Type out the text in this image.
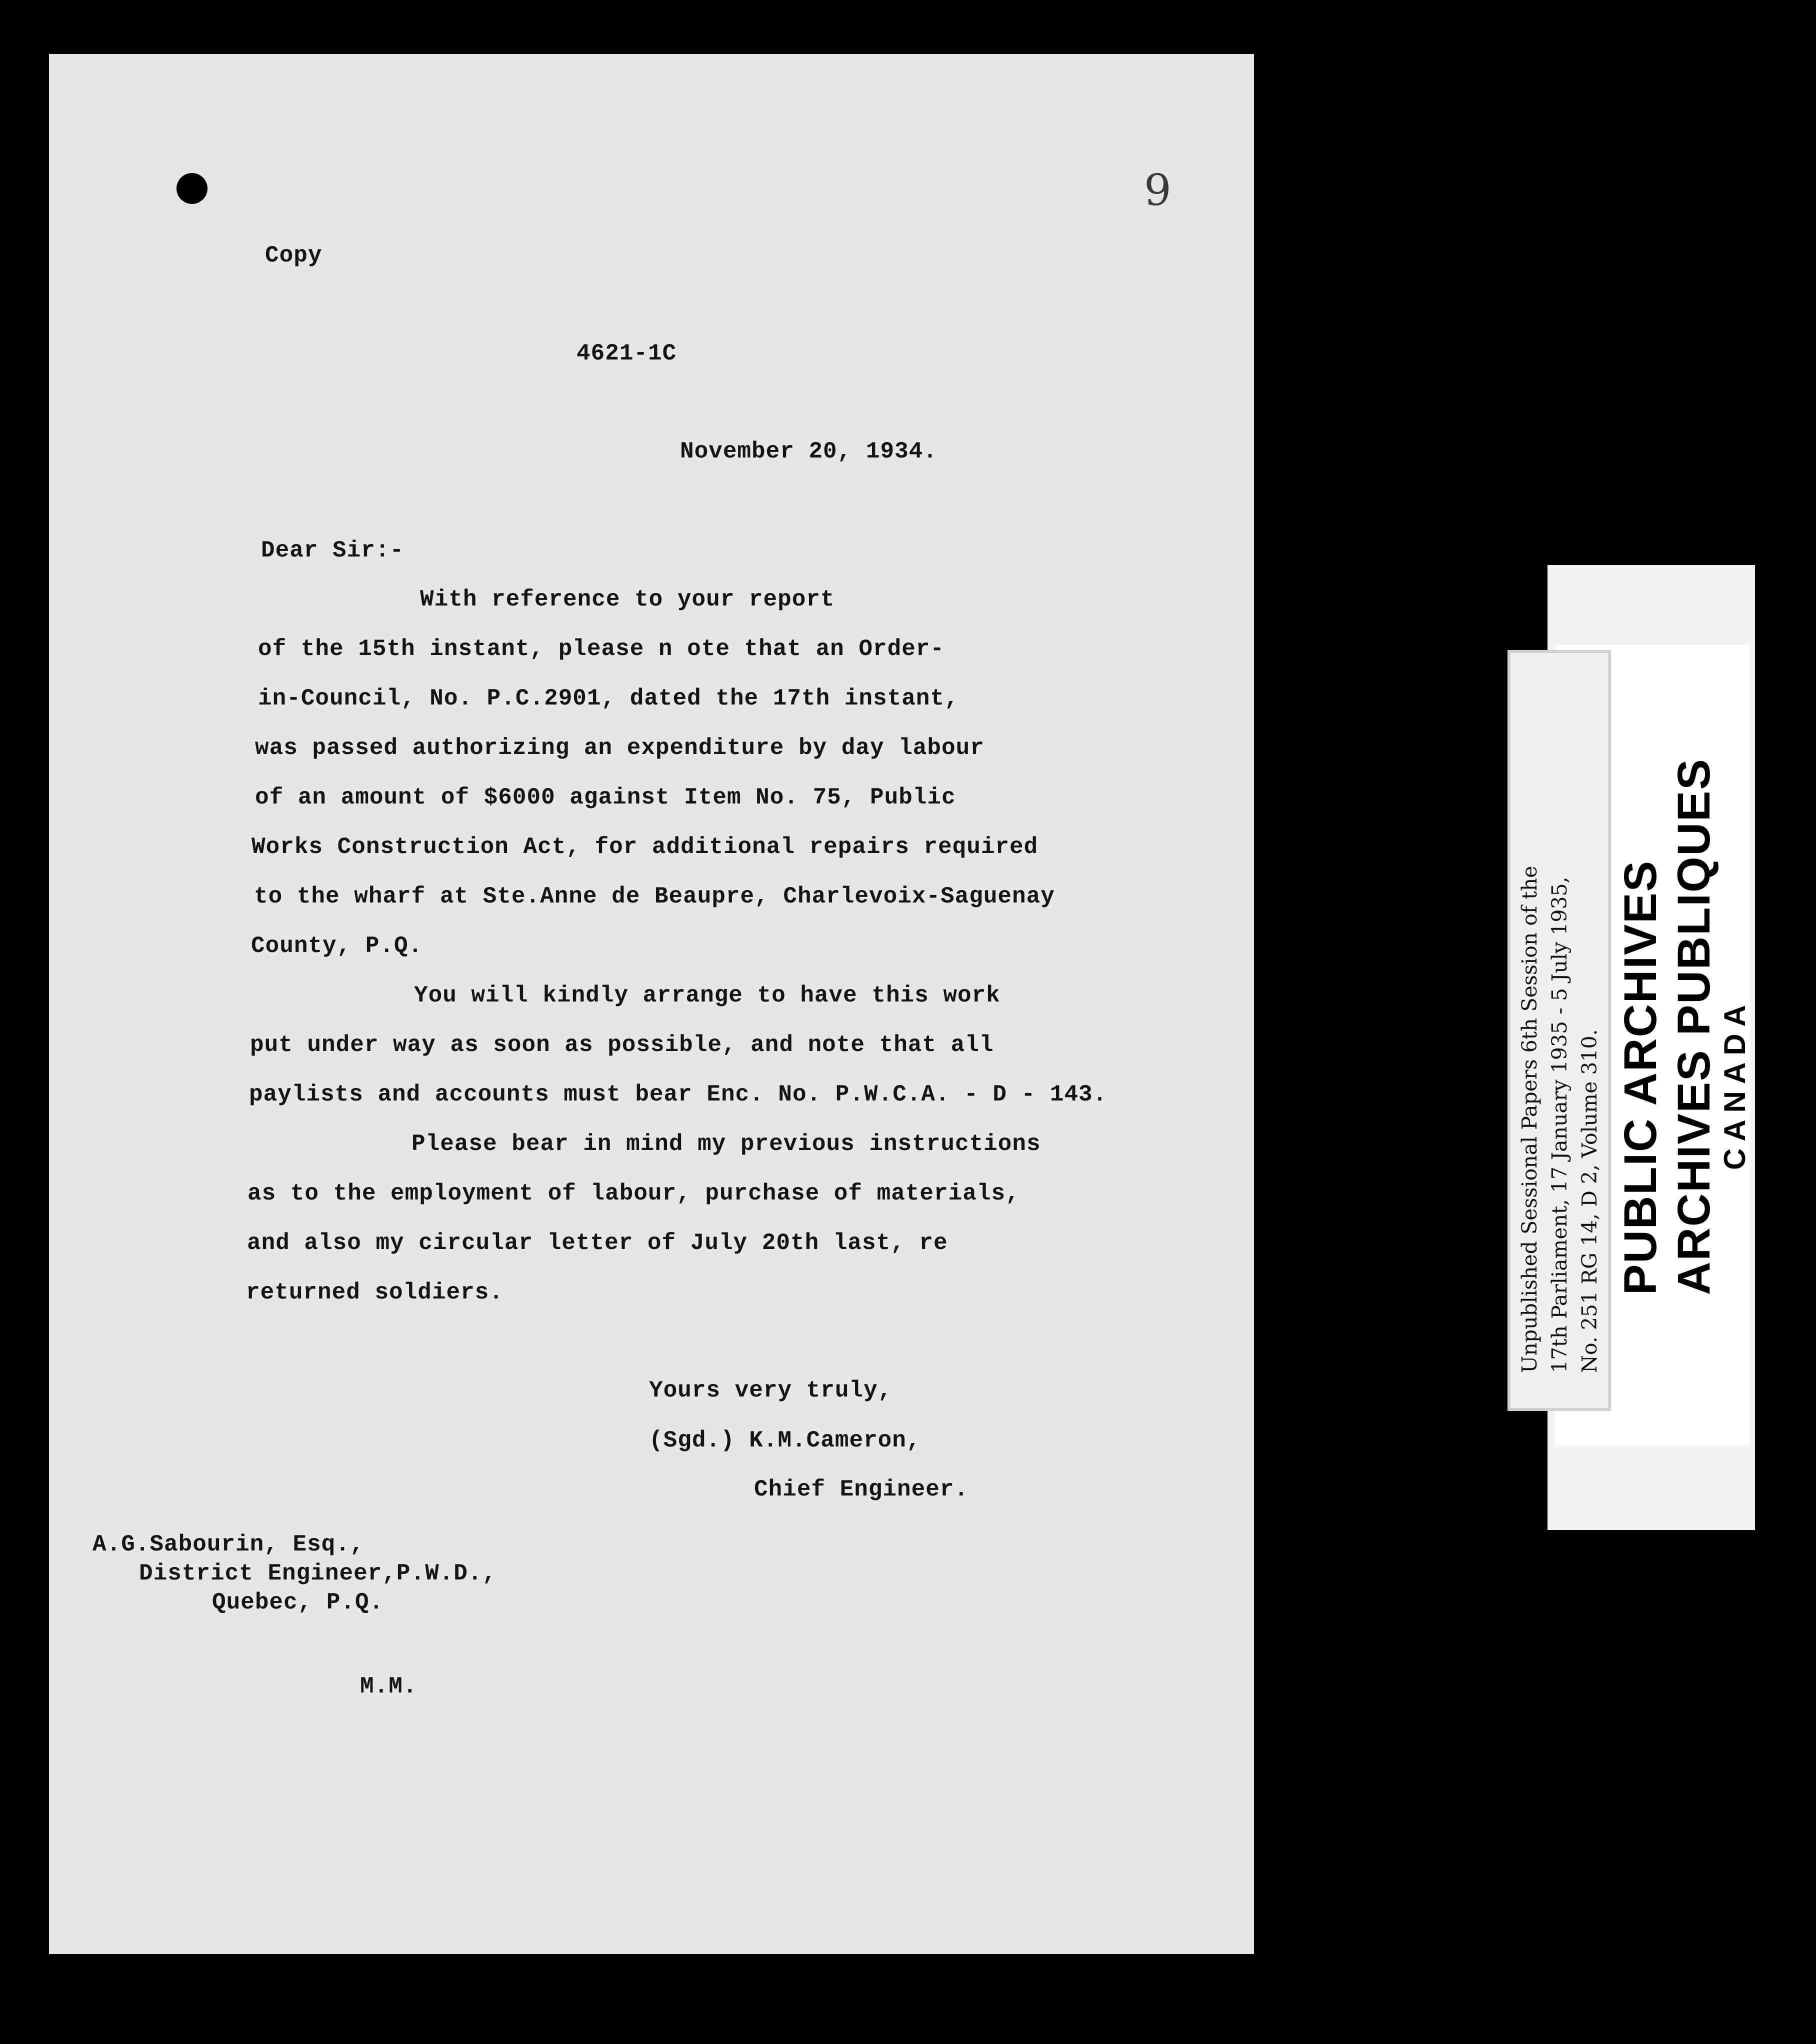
9
Copy
4621-1C
November 20, 1934.
Dear Sir:-
With reference to your report
of the 15th instant, please n ote that an Order-
in-Council, No. P.C.2901, dated the 17th instant,
was passed authorizing an expenditure by day labour
of an amount of $6000 against Item No. 75, Public
Works Construction Act, for additional repairs required
to the wharf at Ste.Anne de Beaupre, Charlevoix-Saguenay
County, P.Q.
You will kindly arrange to have this work
put under way as soon as possible, and note that all
paylists and accounts must bear Enc. No. P.W.C.A. - D - 143.
Please bear in mind my previous instructions
as to the employment of labour, purchase of materials,
and also my circular letter of July 20th last, re
returned soldiers.
Yours very truly,
(Sgd.) K.M.Cameron,
Chief Engineer.
A.G.Sabourin, Esq.,
District Engineer,P.W.D.,
Quebec, P.Q.
M.M.
PUBLIC ARCHIVES ARCHIVES PUBLIQUES
CANADA
Unpublished Sessional Papers 6th Session of the 17th Parliament, 17 January 1935 - 5 July 1935, No. 251 RG 14, D 2, Volume 310.
